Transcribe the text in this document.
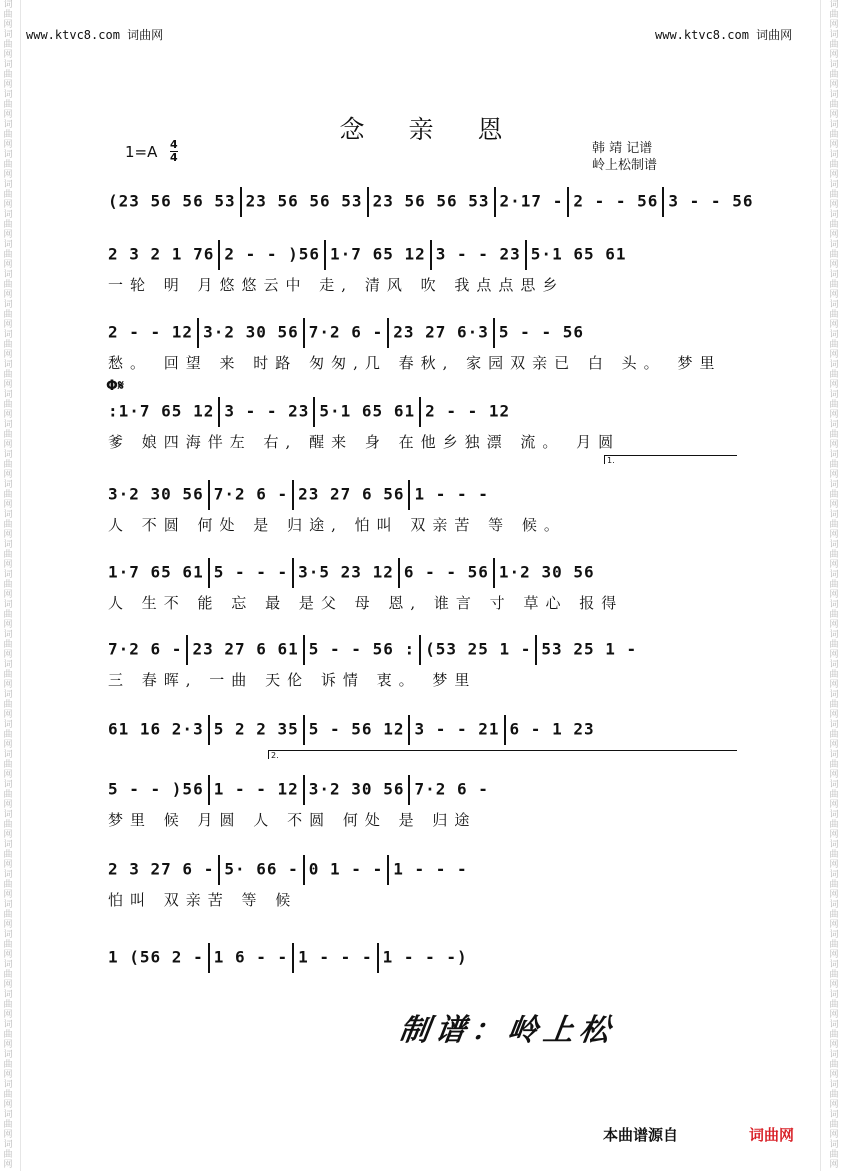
词
曲
网
词
曲
网
词
曲
网
词
曲
网
词
曲
网
词
曲
网
词
曲
网
词
曲
网
词
曲
网
词
曲
网
词
曲
网
词
曲
网
词
曲
网
词
曲
网
词
曲
网
词
曲
网
词
曲
网
词
曲
网
词
曲
网
词
曲
网
词
曲
网
词
曲
网
词
曲
网
词
曲
网
词
曲
网
词
曲
网
词
曲
网
词
曲
网
词
曲
网
词
曲
网
词
曲
网
词
曲
网
词
曲
网
词
曲
网
词
曲
网
词
曲
网
词
曲
网
词
曲
网
词
曲
网
词
曲
网
词
曲
网
词
曲
网
词
曲
网
词
曲
网
词
曲
网
词
曲
网
词
曲
网
词
曲
网
词
曲
网
词
曲
网
词
曲
网
词
曲
网
词
曲
网
词
曲
网
词
曲
网
词
曲
网
词
曲
网
词
曲
网
词
曲
网
词
曲
网
词
曲
网
词
曲
网
词
曲
网
词
曲
网
词
曲
网
词
曲
网
词
曲
网
词
曲
网
词
曲
网
词
曲
网
词
曲
网
词
曲
网
词
曲
网
词
曲
网
词
曲
网
词
曲
网
词
曲
网
词
曲
网
www.ktvc8.com 词曲网	www.ktvc8.com 词曲网
念 亲 恩
1=A 4
4
韩 靖 记谱
岭上松制谱
(23 56 56 53 23 56 56 53 23 56 56 53 2·17 - 2 - - 56 3 - - 56
2 3 2 1 76 2 - - )56 1·7 65 12 3 - - 23 5·1 65 61
一轮 明 月悠悠云中 走, 清风 吹 我点点思乡
2 - - 12 3·2 30 56 7·2 6 - 23 27 6·3 5 - - 56
愁。 回望 来 时路 匆匆,几 春秋, 家园双亲已 白 头。 梦里
:1·7 65 12 3 - - 23 5·1 65 61 2 - - 12
爹 娘四海伴左 右, 醒来 身 在他乡独漂 流。 月圆
3·2 30 56 7·2 6 - 23 27 6 56 1 - - -
人 不圆 何处 是 归途, 怕叫 双亲苦 等 候。
1·7 65 61 5 - - - 3·5 23 12 6 - - 56 1·2 30 56
人 生不 能 忘 最 是父 母 恩, 谁言 寸 草心 报得
7·2 6 - 23 27 6 61 5 - - 56 : (53 25 1 - 53 25 1 -
三 春晖, 一曲 天伦 诉情 衷。 梦里
61 16 2·3 5 2 2 35 5 - 56 12 3 - - 21 6 - 1 23
5 - - )56 1 - - 12 3·2 30 56 7·2 6 -
梦里 候 月圆 人 不圆 何处 是 归途
2 3 27 6 - 5· 66 - 0 1 - - 1 - - -
怕叫 双亲苦 等 候
1 (56 2 - 1 6 - - 1 - - - 1 - - -)
Φ𝄋
1.
2.
制谱：岭上松
本曲谱源自	词曲网
